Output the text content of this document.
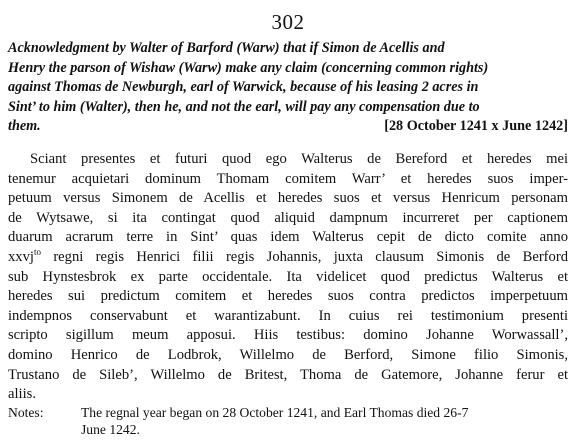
302
Acknowledgment by Walter of Barford (Warw) that if Simon de Acellis and
Henry the parson of Wishaw (Warw) make any claim (concerning common rights)
against Thomas de Newburgh, earl of Warwick, because of his leasing 2 acres in
Sint’ to him (Walter), then he, and not the earl, will pay any compensation due to
them.	[28 October 1241 x June 1242]
Sciant presentes et futuri quod ego Walterus de Bereford et heredes mei
tenemur acquietari dominum Thomam comitem Warr’ et heredes suos imper-
petuum versus Simonem de Acellis et heredes suos et versus Henricum personam
de Wytsawe, si ita contingat quod aliquid dampnum incurreret per captionem
duarum acrarum terre in Sint’ quas idem Walterus cepit de dicto comite anno
xxvj$^{to}$ regni regis Henrici filii regis Johannis, juxta clausum Simonis de Berford
sub Hynstesbrok ex parte occidentale. Ita videlicet quod predictus Walterus et
heredes sui predictum comitem et heredes suos contra predictos imperpetuum
indempnos conservabunt et warantizabunt. In cuius rei testimonium presenti
scripto sigillum meum apposui. Hiis testibus: domino Johanne Worwassall’,
domino Henrico de Lodbrok, Willelmo de Berford, Simone filio Simonis,
Trustano de Sileb’, Willelmo de Britest, Thoma de Gatemore, Johanne ferur et
aliis.
Notes:	The regnal year began on 28 October 1241, and Earl Thomas died 26-7
June 1242.
